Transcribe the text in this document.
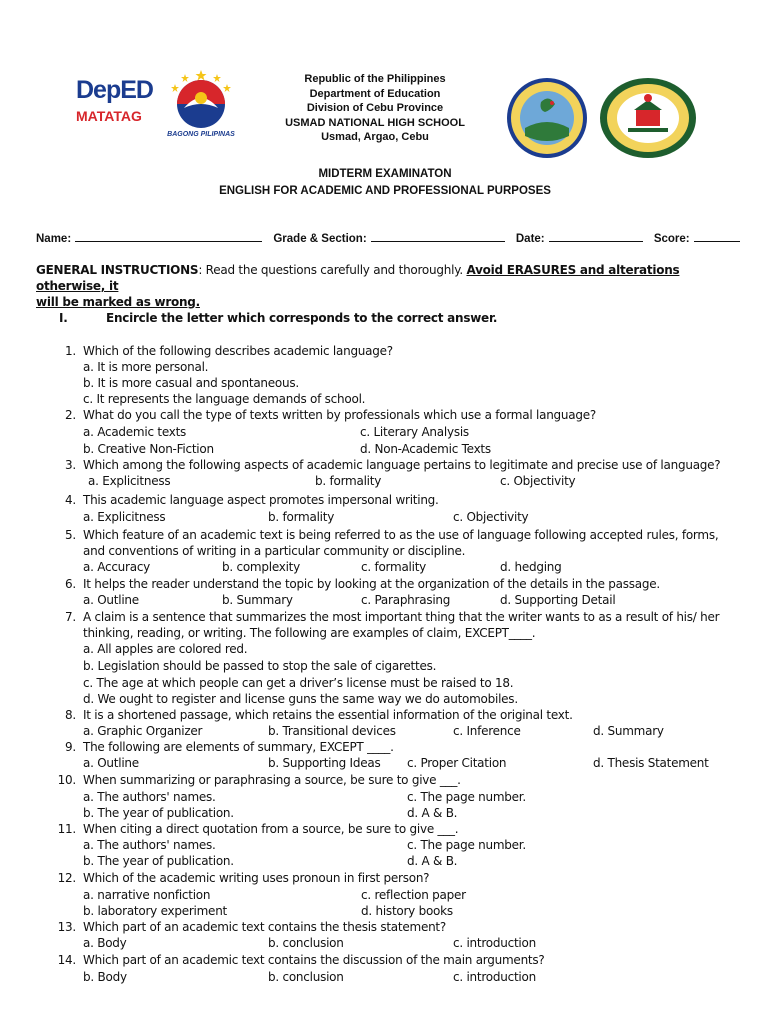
DepED
MATATAG
BAGONG PILIPINAS
Republic of the Philippines
Department of Education
Division of Cebu Province
USMAD NATIONAL HIGH SCHOOL
Usmad, Argao, Cebu
MIDTERM EXAMINATON
ENGLISH FOR ACADEMIC AND PROFESSIONAL PURPOSES
Name:	Grade & Section:	Date:	Score:
GENERAL INSTRUCTIONS: Read the questions carefully and thoroughly. Avoid ERASURES and alterations otherwise, it
will be marked as wrong.
I.	Encircle the letter which corresponds to the correct answer.
1. Which of the following describes academic language?
a. It is more personal.
b. It is more casual and spontaneous.
c. It represents the language demands of school.
2. What do you call the type of texts written by professionals which use a formal language?
a. Academic texts	c. Literary Analysis
b. Creative Non-Fiction	d. Non-Academic Texts
3. Which among the following aspects of academic language pertains to legitimate and precise use of language?
a. Explicitness	b. formality	c. Objectivity
4. This academic language aspect promotes impersonal writing.
a. Explicitness	b. formality	c. Objectivity
5. Which feature of an academic text is being referred to as the use of language following accepted rules, forms,
and conventions of writing in a particular community or discipline.
a. Accuracy	b. complexity	c. formality	d. hedging
6. It helps the reader understand the topic by looking at the organization of the details in the passage.
a. Outline	b. Summary	c. Paraphrasing	d. Supporting Detail
7. A claim is a sentence that summarizes the most important thing that the writer wants to as a result of his/ her
thinking, reading, or writing. The following are examples of claim, EXCEPT____.
a. All apples are colored red.
b. Legislation should be passed to stop the sale of cigarettes.
c. The age at which people can get a driver’s license must be raised to 18.
d. We ought to register and license guns the same way we do automobiles.
8. It is a shortened passage, which retains the essential information of the original text.
a. Graphic Organizer	b. Transitional devices	c. Inference	d. Summary
9. The following are elements of summary, EXCEPT ____.
a. Outline	b. Supporting Ideas c. Proper Citation	d. Thesis Statement
10. When summarizing or paraphrasing a source, be sure to give ___.
a. The authors' names.	c. The page number.
b. The year of publication.	d. A & B.
11. When citing a direct quotation from a source, be sure to give ___.
a. The authors' names.	c. The page number.
b. The year of publication.	d. A & B.
12. Which of the academic writing uses pronoun in first person?
a. narrative nonfiction	c. reflection paper
b. laboratory experiment	d. history books
13. Which part of an academic text contains the thesis statement?
a. Body	b. conclusion	c. introduction
14. Which part of an academic text contains the discussion of the main arguments?
b. Body	b. conclusion	c. introduction
